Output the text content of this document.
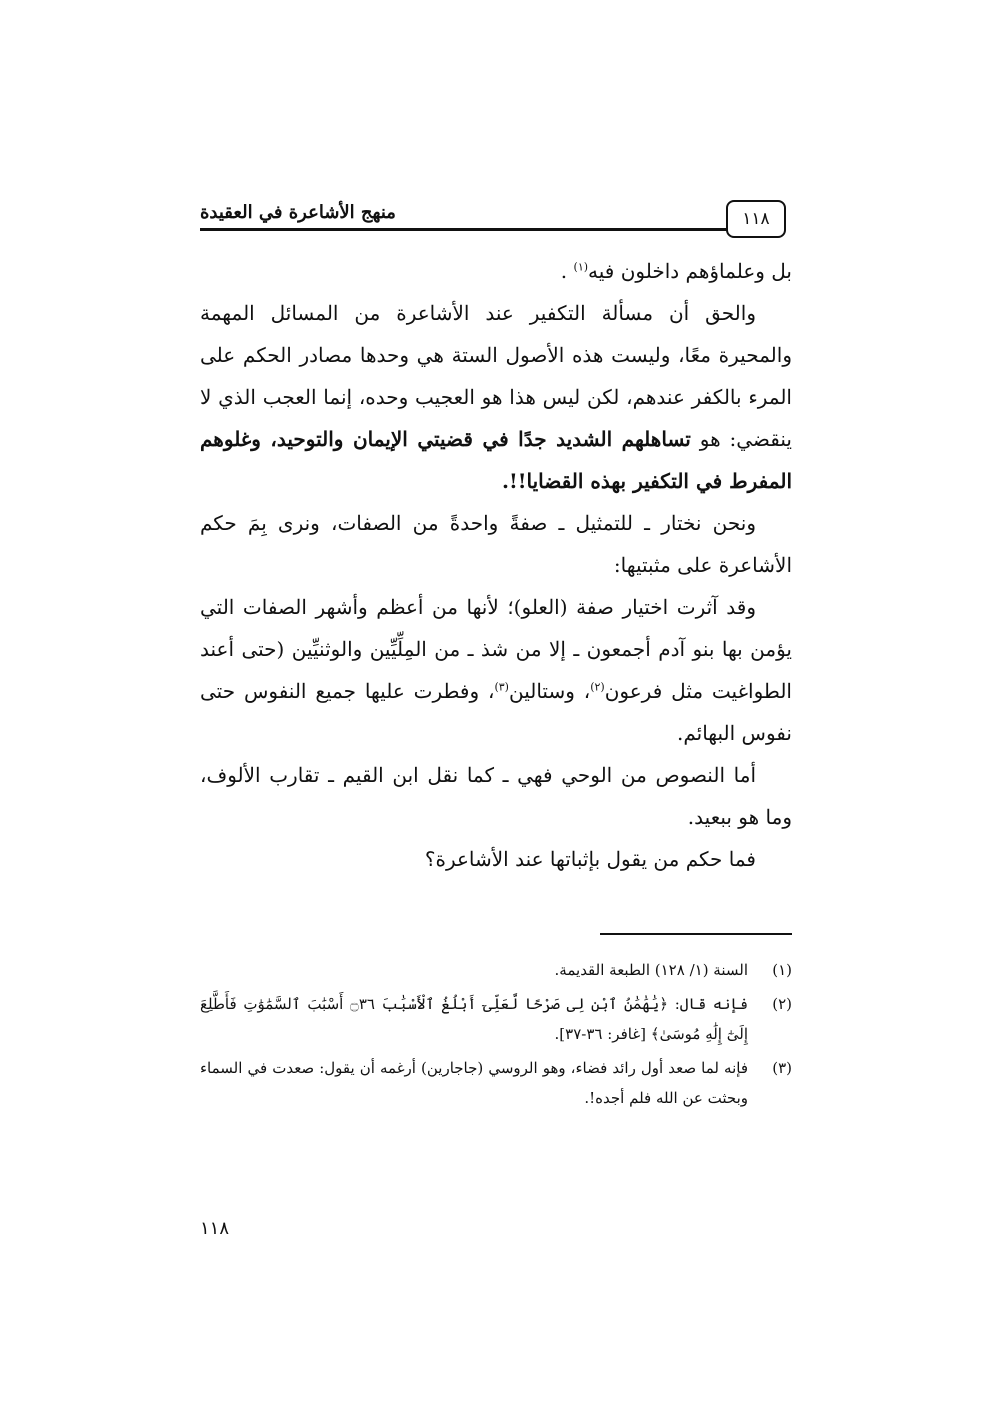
١١٨
منهج الأشاعرة في العقيدة

بل وعلماؤهم داخلون فيه$^{(١)}$ .

والحق أن مسألة التكفير عند الأشاعرة من المسائل المهمة والمحيرة معًا، وليست هذه الأصول الستة هي وحدها مصادر الحكم على المرء بالكفر عندهم، لكن ليس هذا هو العجيب وحده، إنما العجب الذي لا ينقضي: هو تساهلهم الشديد جدًا في قضيتي الإيمان والتوحيد، وغلوهم المفرط في التكفير بهذه القضايا!!.

ونحن نختار ـ للتمثيل ـ صفةً واحدةً من الصفات، ونرى بِمَ حكم الأشاعرة على مثبتيها:

وقد آثرت اختيار صفة (العلو)؛ لأنها من أعظم وأشهر الصفات التي يؤمن بها بنو آدم أجمعون ـ إلا من شذ ـ من المِلِّيِّين والوثنيِّين (حتى أعند الطواغيت مثل فرعون$^{(٢)}$، وستالين$^{(٣)}$، وفطرت عليها جميع النفوس حتى نفوس البهائم.

أما النصوص من الوحي فهي ـ كما نقل ابن القيم ـ تقارب الألوف، وما هو ببعيد.

فما حكم من يقول بإثباتها عند الأشاعرة؟

(١)
السنة (١/ ١٢٨) الطبعة القديمة.
(٢)
فإنه قال: ﴿يَٰهَٰمَٰنُ ٱبْنِ لِى صَرْحًا لَّعَلِّىٓ أَبْلُغُ ٱلْأَسْبَٰبَ ۝٣٦ أَسْبَٰبَ ٱلسَّمَٰوَٰتِ فَأَطَّلِعَ إِلَىٰٓ إِلَٰهِ مُوسَىٰ﴾ [غافر: ٣٦-٣٧].
(٣)
فإنه لما صعد أول رائد فضاء، وهو الروسي (جاجارين) أرغمه أن يقول: صعدت في السماء وبحثت عن الله فلم أجده!.
١١٨
